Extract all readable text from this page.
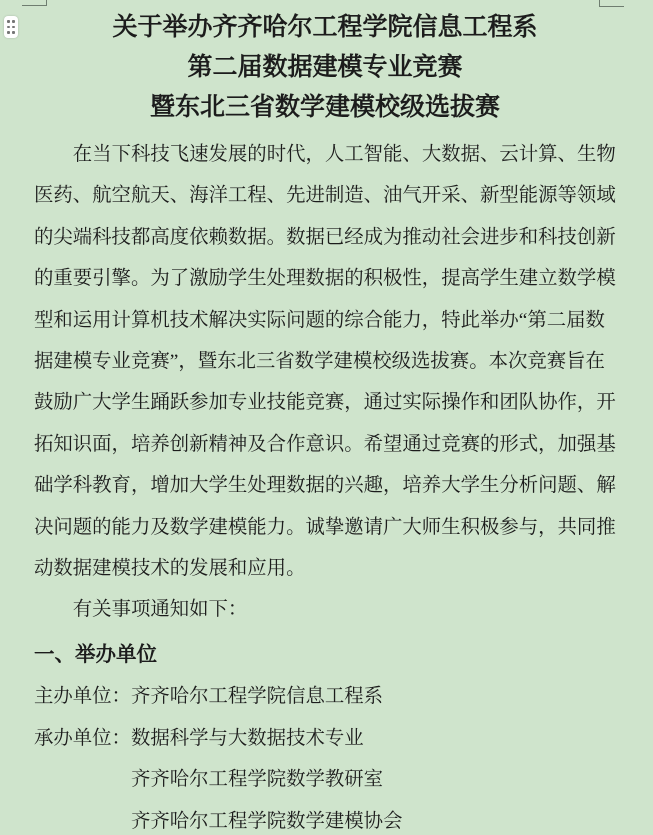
关于举办齐齐哈尔工程学院信息工程系
第二届数据建模专业竞赛
暨东北三省数学建模校级选拔赛
在当下科技飞速发展的时代，人工智能、大数据、云计算、生物
医药、航空航天、海洋工程、先进制造、油气开采、新型能源等领域
的尖端科技都高度依赖数据。数据已经成为推动社会进步和科技创新
的重要引擎。为了激励学生处理数据的积极性，提高学生建立数学模
型和运用计算机技术解决实际问题的综合能力，特此举办“第二届数
据建模专业竞赛”，暨东北三省数学建模校级选拔赛。本次竞赛旨在
鼓励广大学生踊跃参加专业技能竞赛，通过实际操作和团队协作，开
拓知识面，培养创新精神及合作意识。希望通过竞赛的形式，加强基
础学科教育，增加大学生处理数据的兴趣，培养大学生分析问题、解
决问题的能力及数学建模能力。诚挚邀请广大师生积极参与，共同推
动数据建模技术的发展和应用。
有关事项通知如下：
一、举办单位
主办单位：齐齐哈尔工程学院信息工程系
承办单位：数据科学与大数据技术专业
齐齐哈尔工程学院数学教研室
齐齐哈尔工程学院数学建模协会
